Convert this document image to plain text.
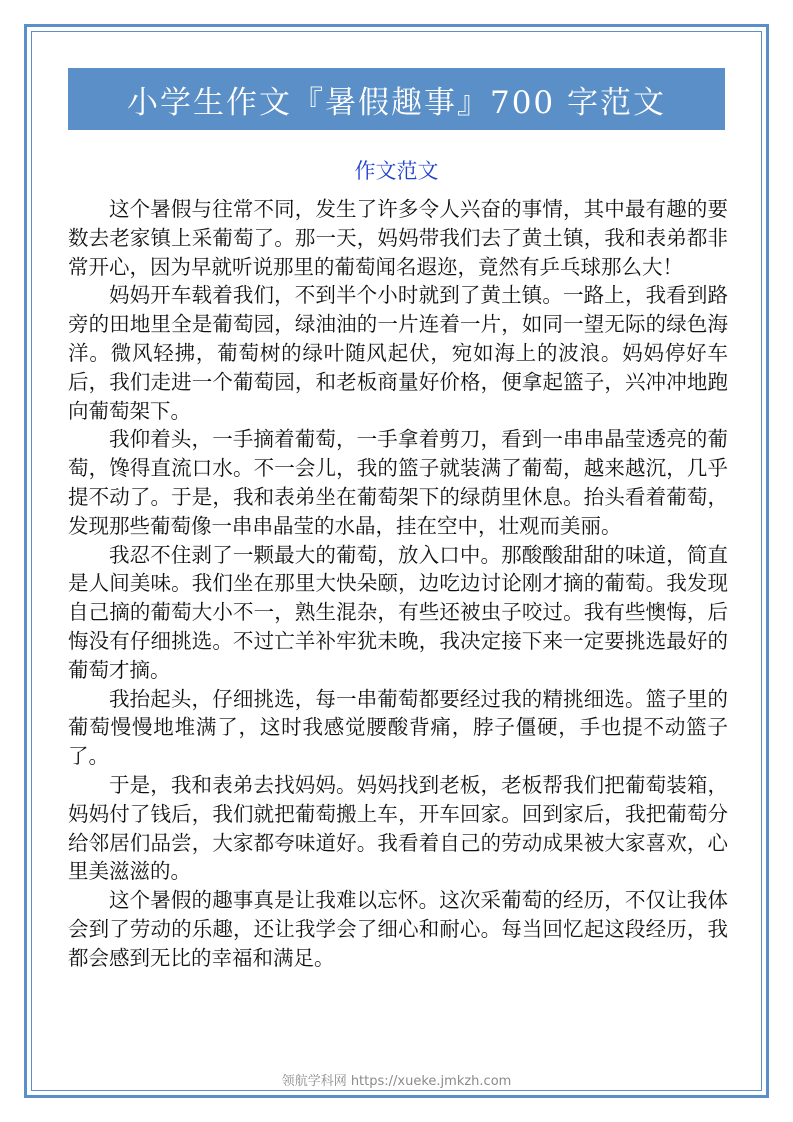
小学生作文『暑假趣事』700 字范文
作文范文

这个暑假与往常不同，发生了许多令人兴奋的事情，其中最有趣的要数去老家镇上采葡萄了。那一天，妈妈带我们去了黄土镇，我和表弟都非常开心，因为早就听说那里的葡萄闻名遐迩，竟然有乒乓球那么大！

妈妈开车载着我们，不到半个小时就到了黄土镇。一路上，我看到路旁的田地里全是葡萄园，绿油油的一片连着一片，如同一望无际的绿色海洋。微风轻拂，葡萄树的绿叶随风起伏，宛如海上的波浪。妈妈停好车后，我们走进一个葡萄园，和老板商量好价格，便拿起篮子，兴冲冲地跑向葡萄架下。

我仰着头，一手摘着葡萄，一手拿着剪刀，看到一串串晶莹透亮的葡萄，馋得直流口水。不一会儿，我的篮子就装满了葡萄，越来越沉，几乎提不动了。于是，我和表弟坐在葡萄架下的绿荫里休息。抬头看着葡萄，发现那些葡萄像一串串晶莹的水晶，挂在空中，壮观而美丽。

我忍不住剥了一颗最大的葡萄，放入口中。那酸酸甜甜的味道，简直是人间美味。我们坐在那里大快朵颐，边吃边讨论刚才摘的葡萄。我发现自己摘的葡萄大小不一，熟生混杂，有些还被虫子咬过。我有些懊悔，后悔没有仔细挑选。不过亡羊补牢犹未晚，我决定接下来一定要挑选最好的葡萄才摘。

我抬起头，仔细挑选，每一串葡萄都要经过我的精挑细选。篮子里的葡萄慢慢地堆满了，这时我感觉腰酸背痛，脖子僵硬，手也提不动篮子了。

于是，我和表弟去找妈妈。妈妈找到老板，老板帮我们把葡萄装箱，妈妈付了钱后，我们就把葡萄搬上车，开车回家。回到家后，我把葡萄分给邻居们品尝，大家都夸味道好。我看着自己的劳动成果被大家喜欢，心里美滋滋的。

这个暑假的趣事真是让我难以忘怀。这次采葡萄的经历，不仅让我体会到了劳动的乐趣，还让我学会了细心和耐心。每当回忆起这段经历，我都会感到无比的幸福和满足。

领航学科网 https://xueke.jmkzh.com
